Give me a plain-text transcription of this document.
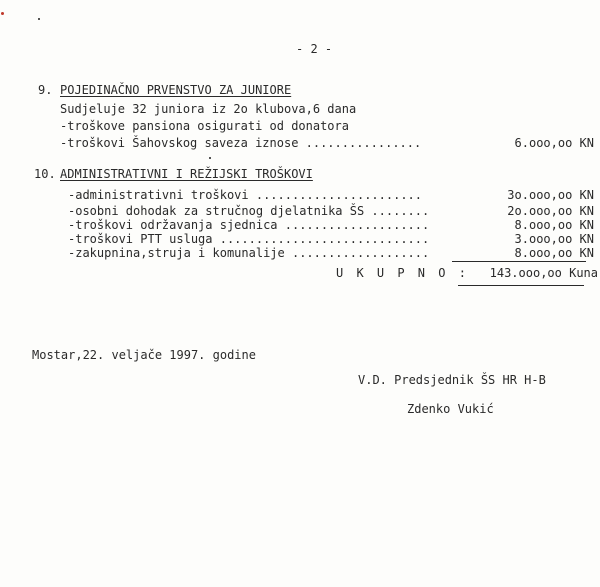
- 2 -
9. POJEDINAČNO PRVENSTVO ZA JUNIORE
Sudjeluje 32 juniora iz 2o klubova,6 dana
-troškove pansiona osigurati od donatora
-troškovi Šahovskog saveza iznose ................	6.ooo,oo KN
10. ADMINISTRATIVNI I REŽIJSKI TROŠKOVI
-administrativni troškovi .......................	3o.ooo,oo KN
-osobni dohodak za stručnog djelatnika ŠS ........	2o.ooo,oo KN
-troškovi održavanja sjednica ....................	8.ooo,oo KN
-troškovi PTT usluga .............................	3.ooo,oo KN
-zakupnina,struja i komunalije ...................	8.ooo,oo KN
U K U P N O : 143.ooo,oo Kuna
Mostar,22. veljače 1997. godine
V.D. Predsjednik ŠS HR H-B
Zdenko Vukić
